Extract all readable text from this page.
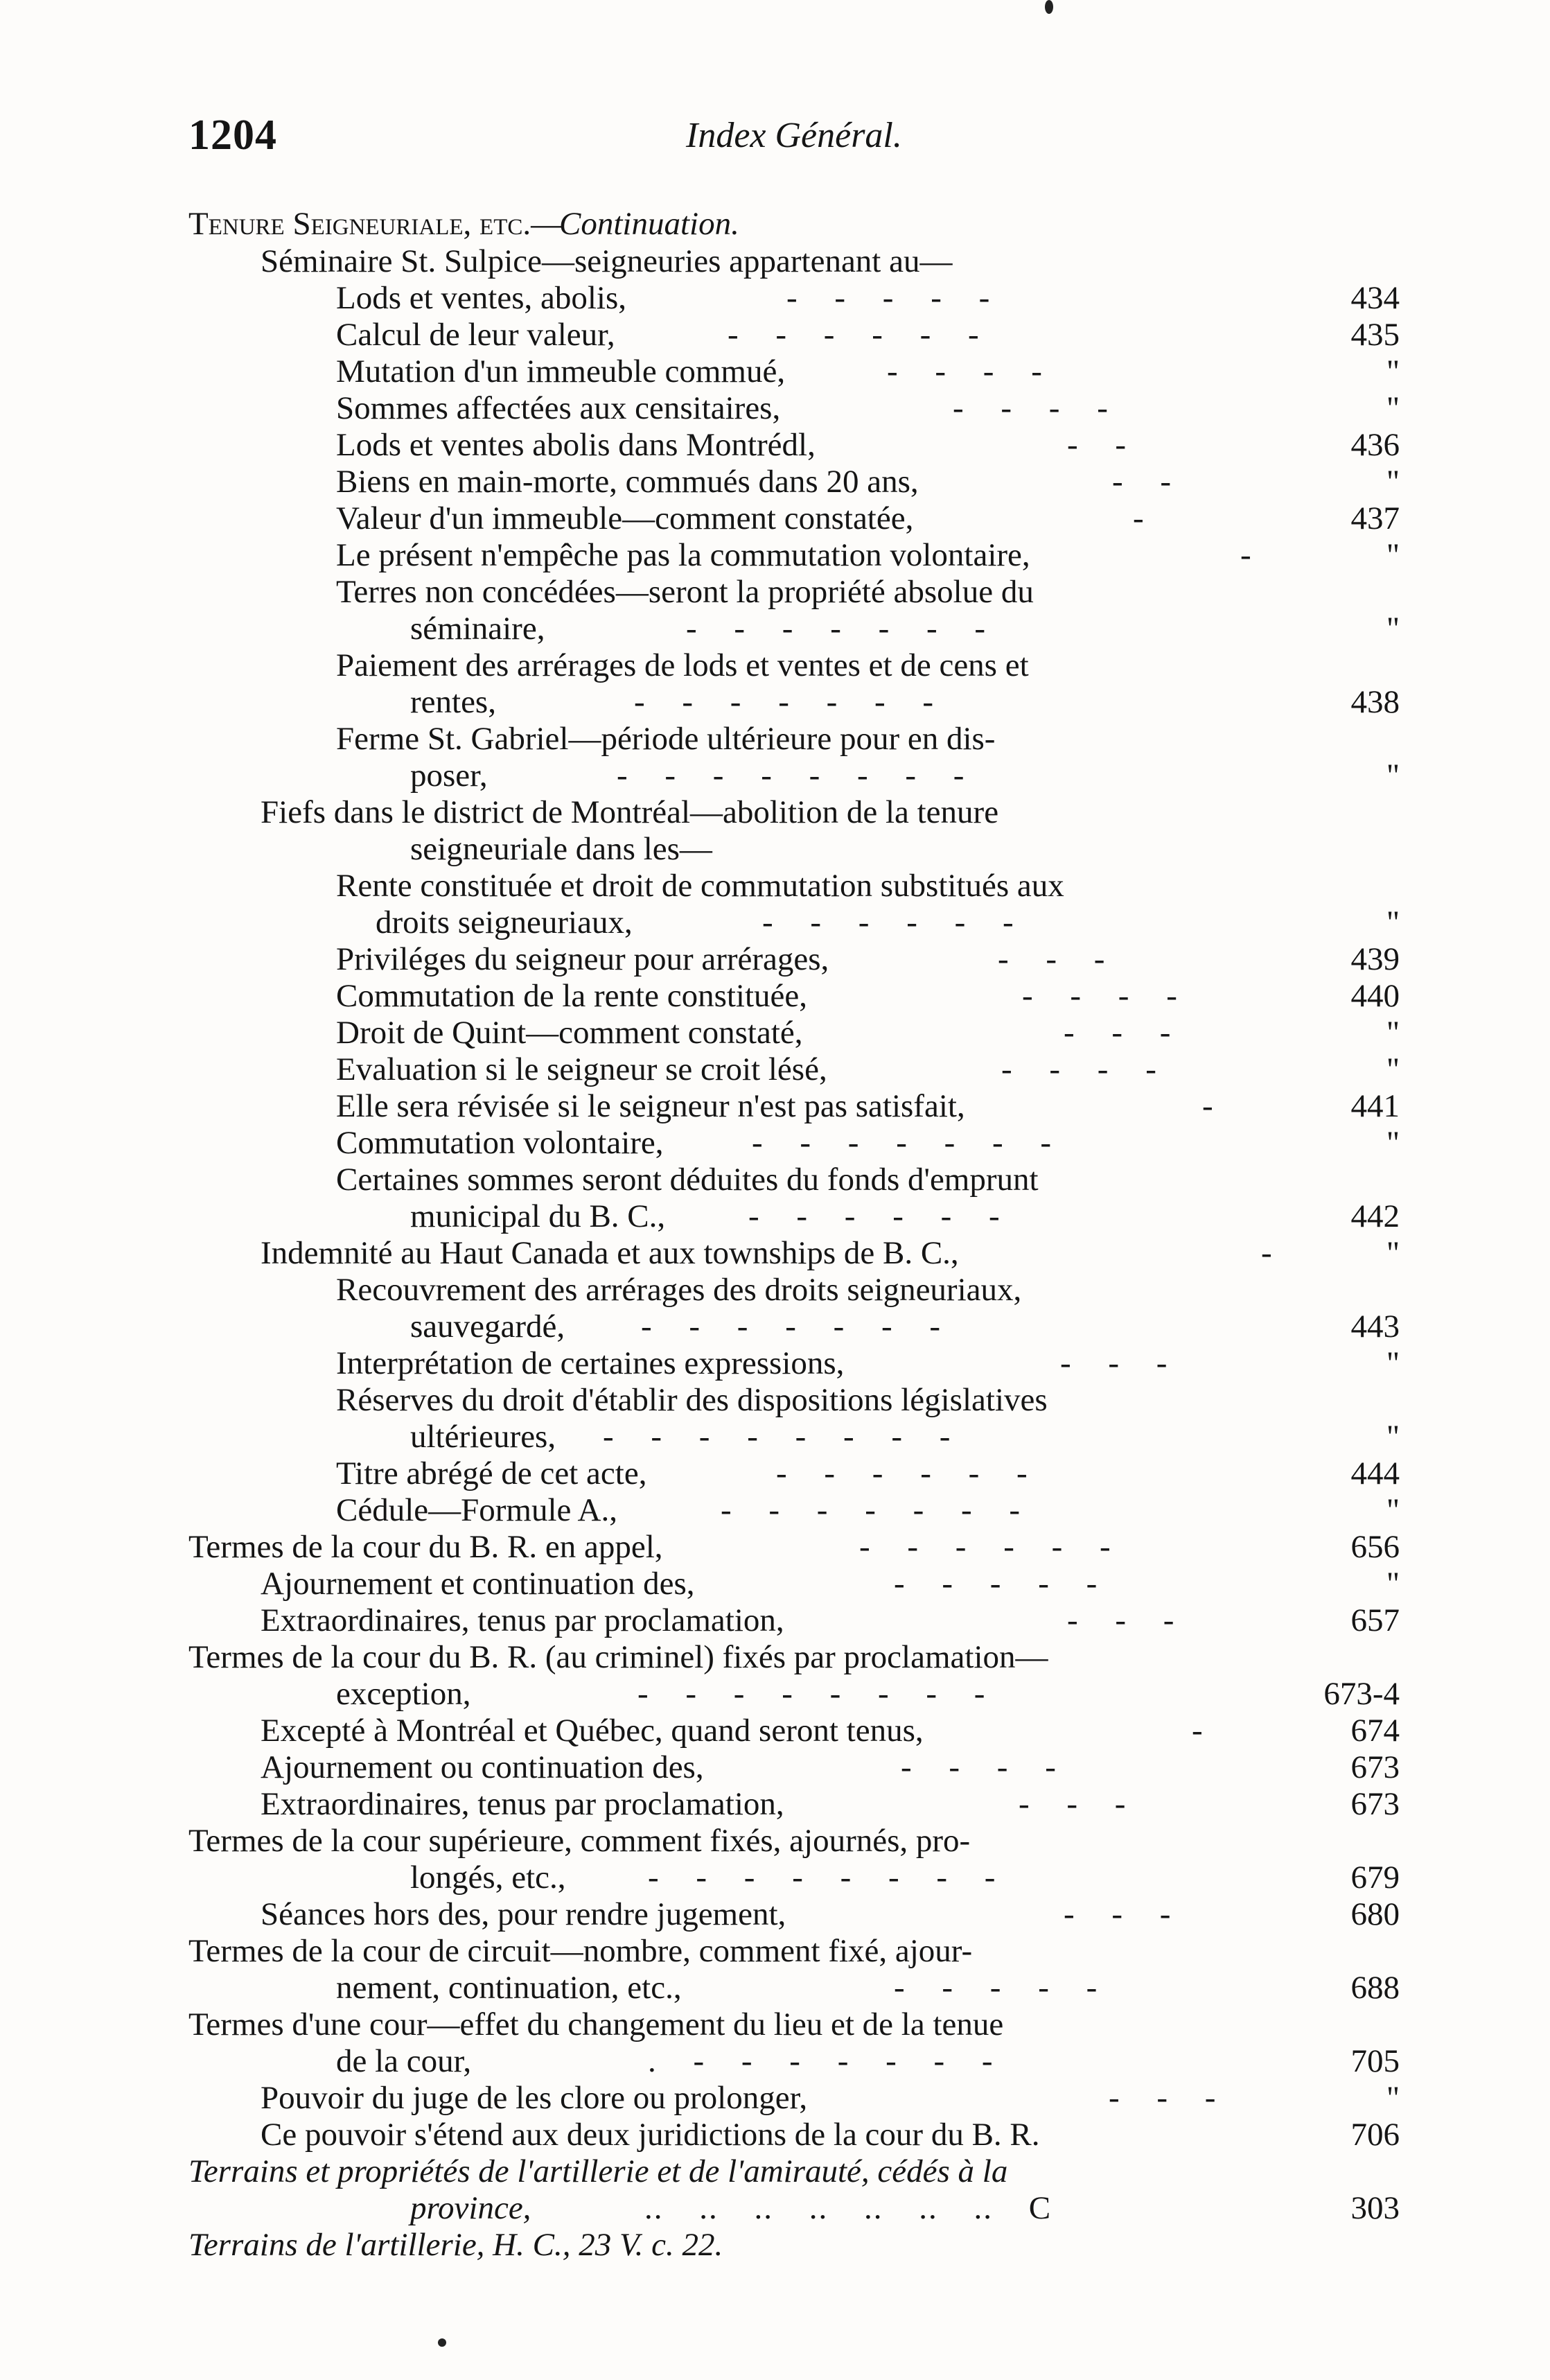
1204	Index Général.
Tenure Seigneuriale, etc.—
Continuation.
Séminaire St. Sulpice—seigneuries appartenant au—
Lods et ventes, abolis,	- - - - -	434
Calcul de leur valeur,	- - - - - -	435
Mutation d'un immeuble commué,	- - - -	"
Sommes affectées aux censitaires,	- - - -	"
Lods et ventes abolis dans Montrédl,	- -	436
Biens en main-morte, commués dans 20 ans,	- -	"
Valeur d'un immeuble—comment constatée,	-	437
Le présent n'empêche pas la commutation volontaire,	-	"
Terres non concédées—seront la propriété absolue du
séminaire,	- - - - - - -	"
Paiement des arrérages de lods et ventes et de cens et
rentes,	- - - - - - -	438
Ferme St. Gabriel—période ultérieure pour en dis-
poser,	- - - - - - - -	"
Fiefs dans le district de Montréal—abolition de la tenure
seigneuriale dans les—
Rente constituée et droit de commutation substitués aux
droits seigneuriaux,	- - - - - -	"
Priviléges du seigneur pour arrérages,	- - -	439
Commutation de la rente constituée,	- - - -	440
Droit de Quint—comment constaté,	- - -	"
Evaluation si le seigneur se croit lésé,	- - - -	"
Elle sera révisée si le seigneur n'est pas satisfait,	-	441
Commutation volontaire,	- - - - - - -	"
Certaines sommes seront déduites du fonds d'emprunt
municipal du B. C.,	- - - - - -	442
Indemnité au Haut Canada et aux townships de B. C.,	-	"
Recouvrement des arrérages des droits seigneuriaux,
sauvegardé, - - - - - - -	443
Interprétation de certaines expressions,	- - -	"
Réserves du droit d'établir des dispositions législatives
ultérieures, - - - - - - - -	"
Titre abrégé de cet acte,	- - - - - -	444
Cédule—Formule A.,	- - - - - - -	"
Termes de la cour du B. R. en appel,	- - - - - -	656
Ajournement et continuation des,	- - - - -	"
Extraordinaires, tenus par proclamation,	- - -	657
Termes de la cour du B. R. (au criminel) fixés par proclamation—
exception,	- - - - - - - -	673-4
Excepté à Montréal et Québec, quand seront tenus,	-	674
Ajournement ou continuation des,	- - - -	673
Extraordinaires, tenus par proclamation,	- - -	673
Termes de la cour supérieure, comment fixés, ajournés, pro-
longés, etc.,	- - - - - - - -	679
Séances hors des, pour rendre jugement,	- - -	680
Termes de la cour de circuit—nombre, comment fixé, ajour-
nement, continuation, etc.,	- - - - -	688
Termes d'une cour—effet du changement du lieu et de la tenue
de la cour,	. - - - - - - -	705
Pouvoir du juge de les clore ou prolonger,	- - -	"
Ce pouvoir s'étend aux deux juridictions de la cour du B. R.	706
Terrains et propriétés de l'artillerie et de l'amirauté, cédés à la
province,	.. .. .. .. .. .. .. C	303
Terrains de l'artillerie, H. C., 23 V. c. 22.
